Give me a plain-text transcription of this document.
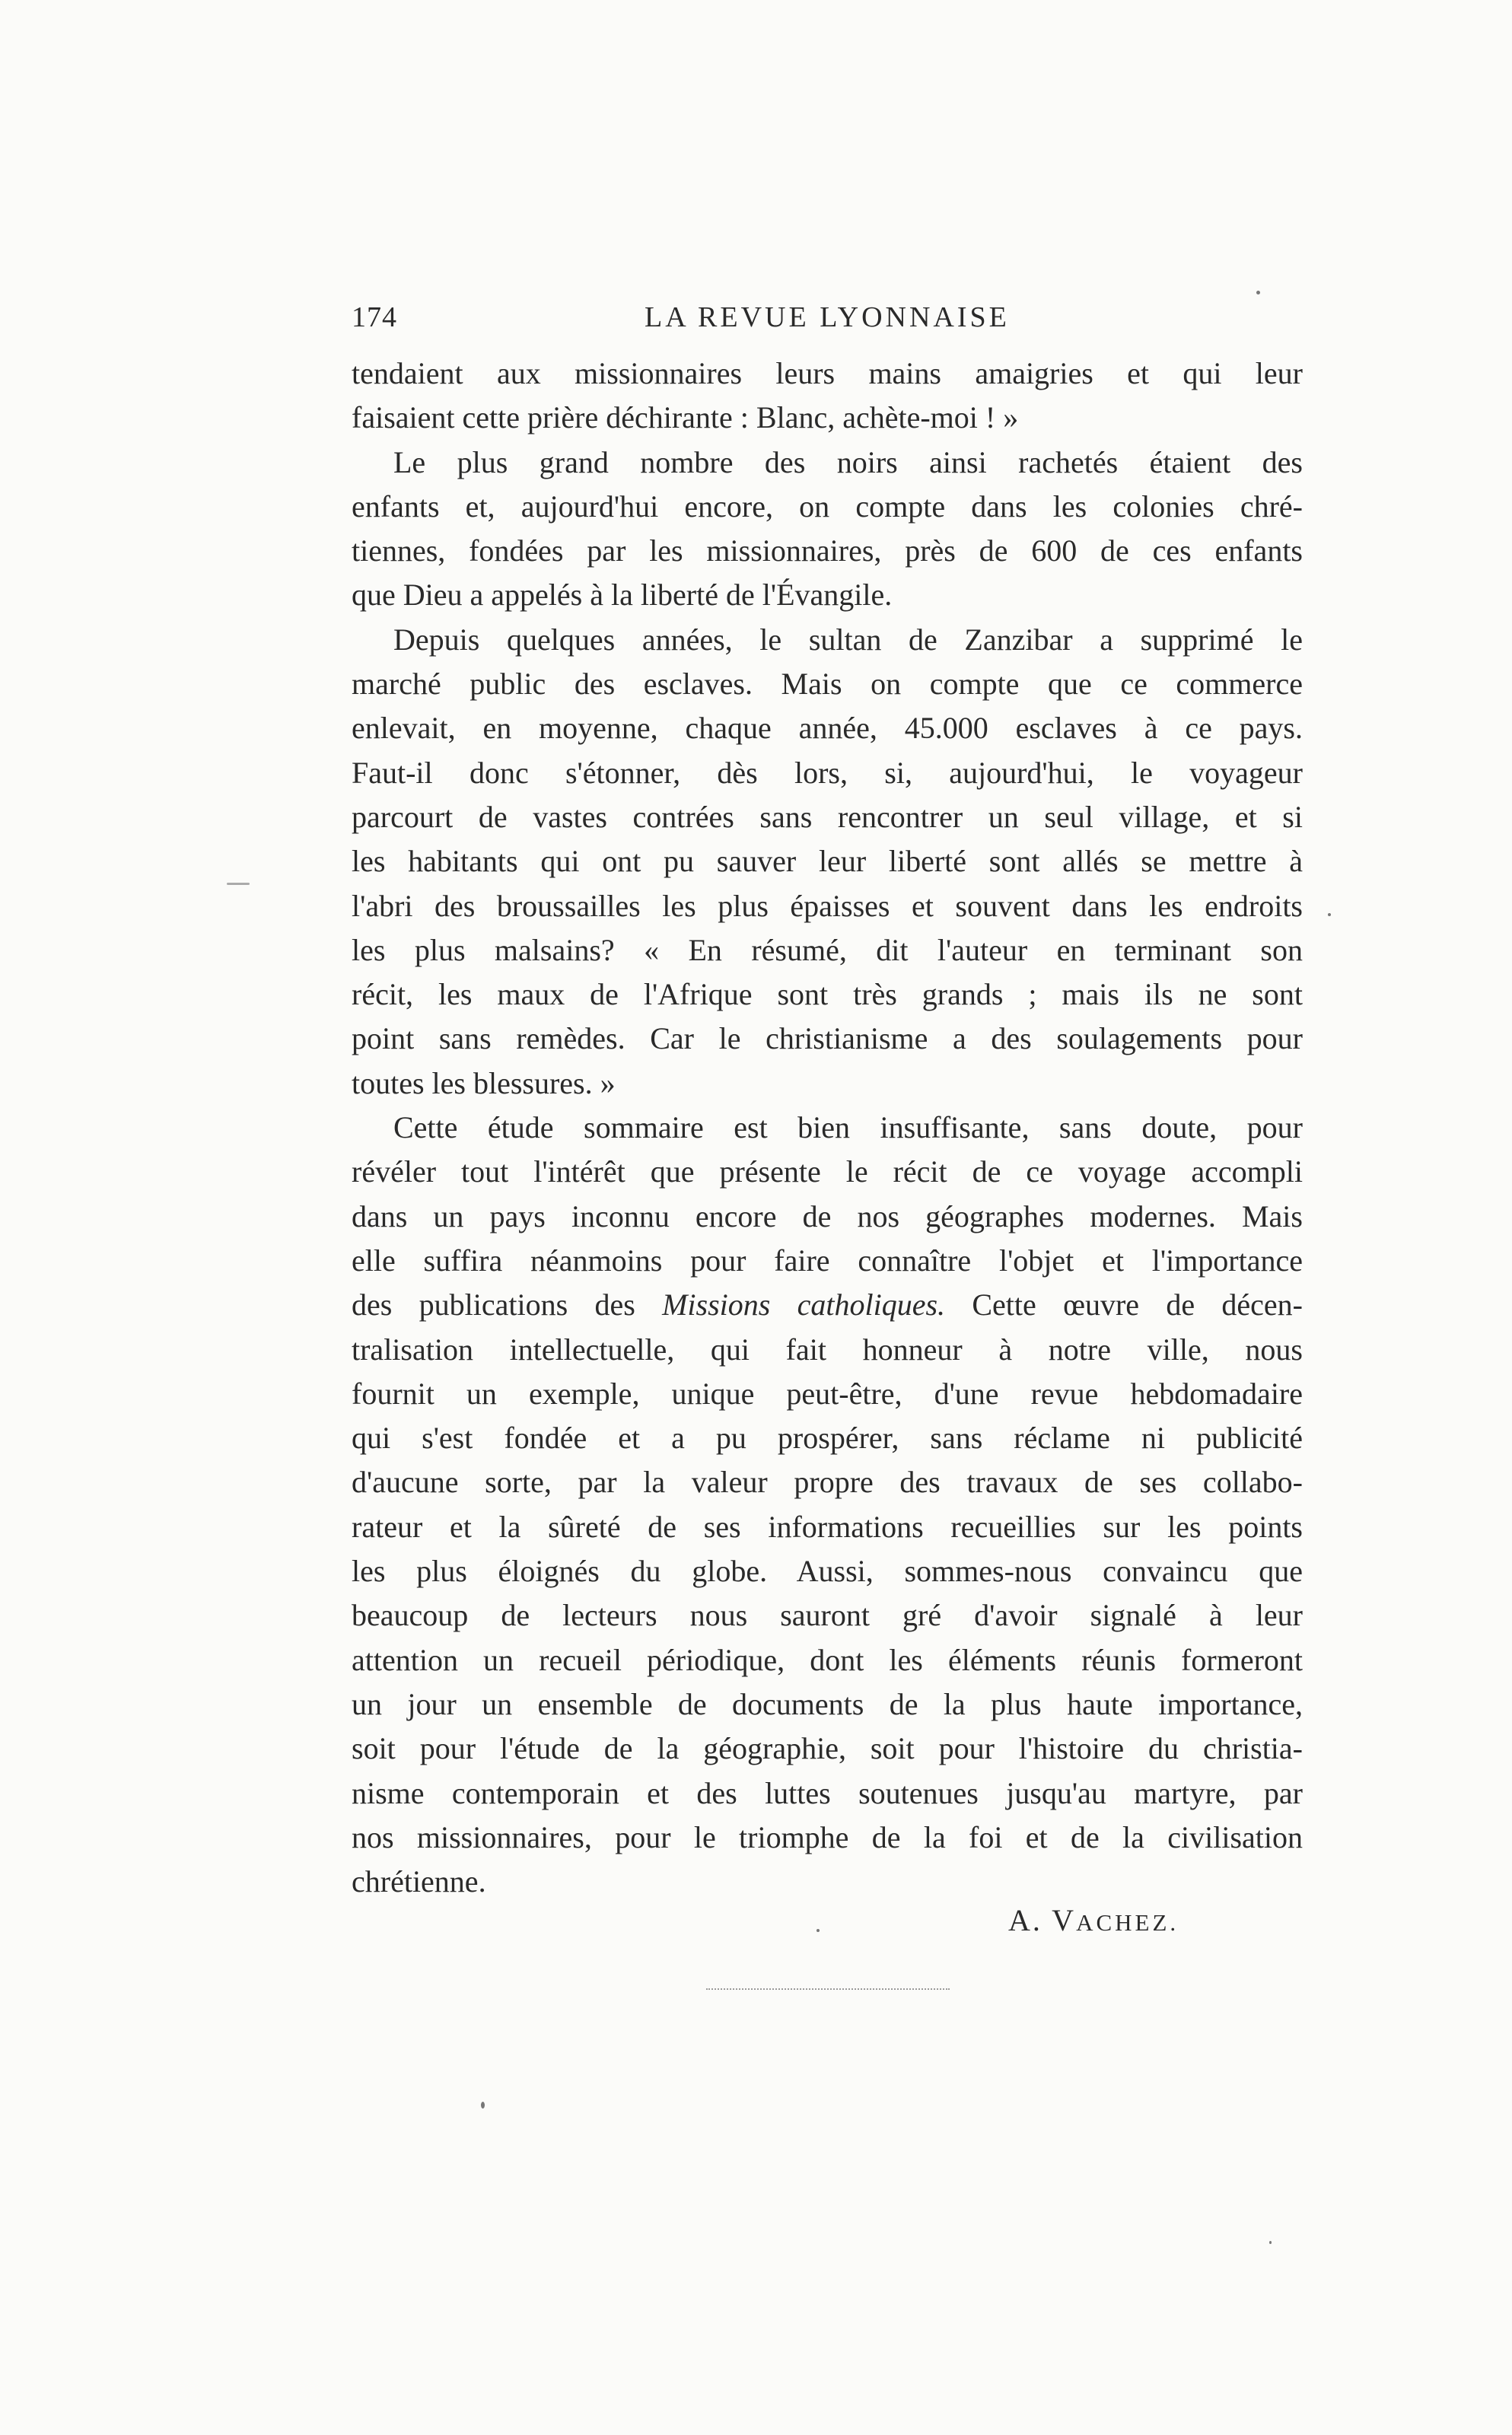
174	LA REVUE LYONNAISE
tendaient aux missionnaires leurs mains amaigries et qui leur
faisaient cette prière déchirante : Blanc, achète-moi ! »
Le plus grand nombre des noirs ainsi rachetés étaient des
enfants et, aujourd'hui encore, on compte dans les colonies chré-
tiennes, fondées par les missionnaires, près de 600 de ces enfants
que Dieu a appelés à la liberté de l'Évangile.
Depuis quelques années, le sultan de Zanzibar a supprimé le
marché public des esclaves. Mais on compte que ce commerce
enlevait, en moyenne, chaque année, 45.000 esclaves à ce pays.
Faut-il donc s'étonner, dès lors, si, aujourd'hui, le voyageur
parcourt de vastes contrées sans rencontrer un seul village, et si
les habitants qui ont pu sauver leur liberté sont allés se mettre à
l'abri des broussailles les plus épaisses et souvent dans les endroits
les plus malsains? « En résumé, dit l'auteur en terminant son
récit, les maux de l'Afrique sont très grands ; mais ils ne sont
point sans remèdes. Car le christianisme a des soulagements pour
toutes les blessures. »
Cette étude sommaire est bien insuffisante, sans doute, pour
révéler tout l'intérêt que présente le récit de ce voyage accompli
dans un pays inconnu encore de nos géographes modernes. Mais
elle suffira néanmoins pour faire connaître l'objet et l'importance
des publications des Missions catholiques. Cette œuvre de décen-
tralisation intellectuelle, qui fait honneur à notre ville, nous
fournit un exemple, unique peut-être, d'une revue hebdomadaire
qui s'est fondée et a pu prospérer, sans réclame ni publicité
d'aucune sorte, par la valeur propre des travaux de ses collabo-
rateur et la sûreté de ses informations recueillies sur les points
les plus éloignés du globe. Aussi, sommes-nous convaincu que
beaucoup de lecteurs nous sauront gré d'avoir signalé à leur
attention un recueil périodique, dont les éléments réunis formeront
un jour un ensemble de documents de la plus haute importance,
soit pour l'étude de la géographie, soit pour l'histoire du christia-
nisme contemporain et des luttes soutenues jusqu'au martyre, par
nos missionnaires, pour le triomphe de la foi et de la civilisation
chrétienne.
A. VACHEZ.
